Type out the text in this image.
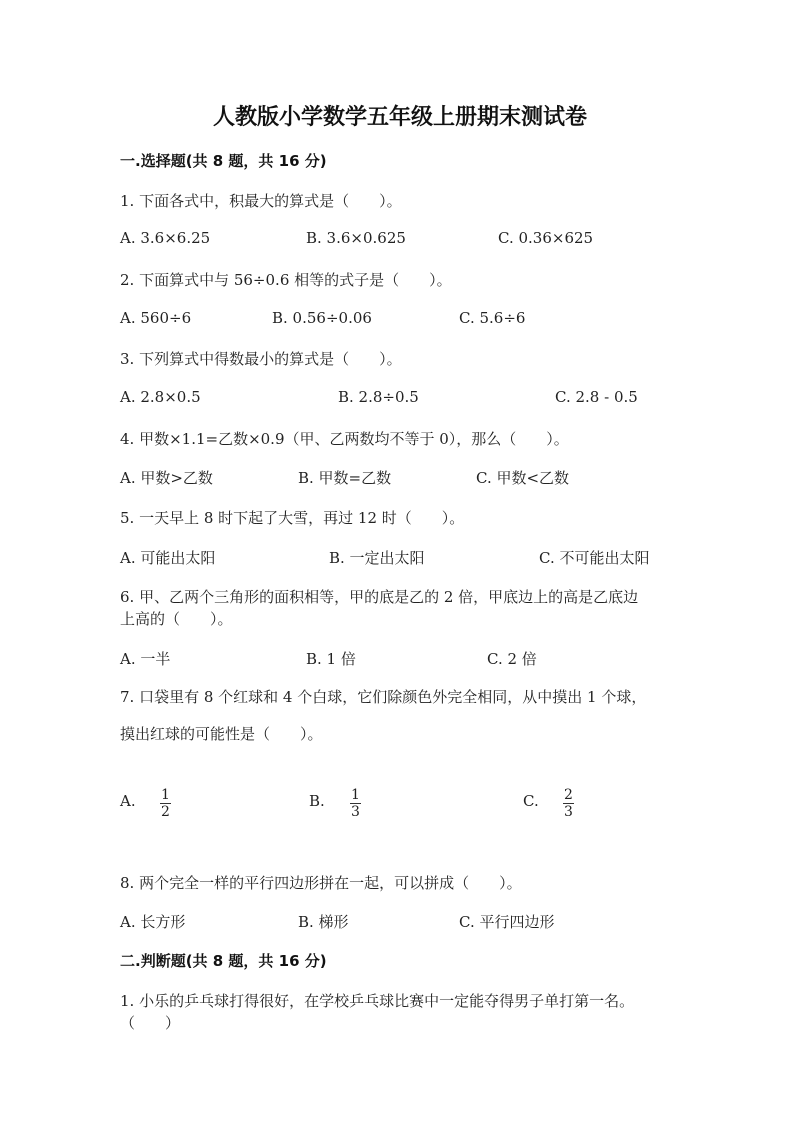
人教版小学数学五年级上册期末测试卷
一.选择题(共 8 题，共 16 分)
1. 下面各式中，积最大的算式是（　　）。
A. 3.6×6.25	B. 3.6×0.625	C. 0.36×625
2. 下面算式中与 56÷0.6 相等的式子是（　　）。
A. 560÷6	B. 0.56÷0.06	C. 5.6÷6
3. 下列算式中得数最小的算式是（　　）。
A. 2.8×0.5	B. 2.8÷0.5	C. 2.8 - 0.5
4. 甲数×1.1=乙数×0.9（甲、乙两数均不等于 0），那么（　　）。
A. 甲数>乙数	B. 甲数=乙数	C. 甲数<乙数
5. 一天早上 8 时下起了大雪，再过 12 时（　　）。
A. 可能出太阳	B. 一定出太阳	C. 不可能出太阳
6. 甲、乙两个三角形的面积相等，甲的底是乙的 2 倍，甲底边上的高是乙底边
上高的（　　）。
A. 一半	B. 1 倍	C. 2 倍
7. 口袋里有 8 个红球和 4 个白球，它们除颜色外完全相同，从中摸出 1 个球，
摸出红球的可能性是（　　）。
A. 1
2
B. 1
3
C. 2
3
8. 两个完全一样的平行四边形拼在一起，可以拼成（　　）。
A. 长方形	B. 梯形	C. 平行四边形
二.判断题(共 8 题，共 16 分)
1. 小乐的乒乓球打得很好，在学校乒乓球比赛中一定能夺得男子单打第一名。
（　　）
